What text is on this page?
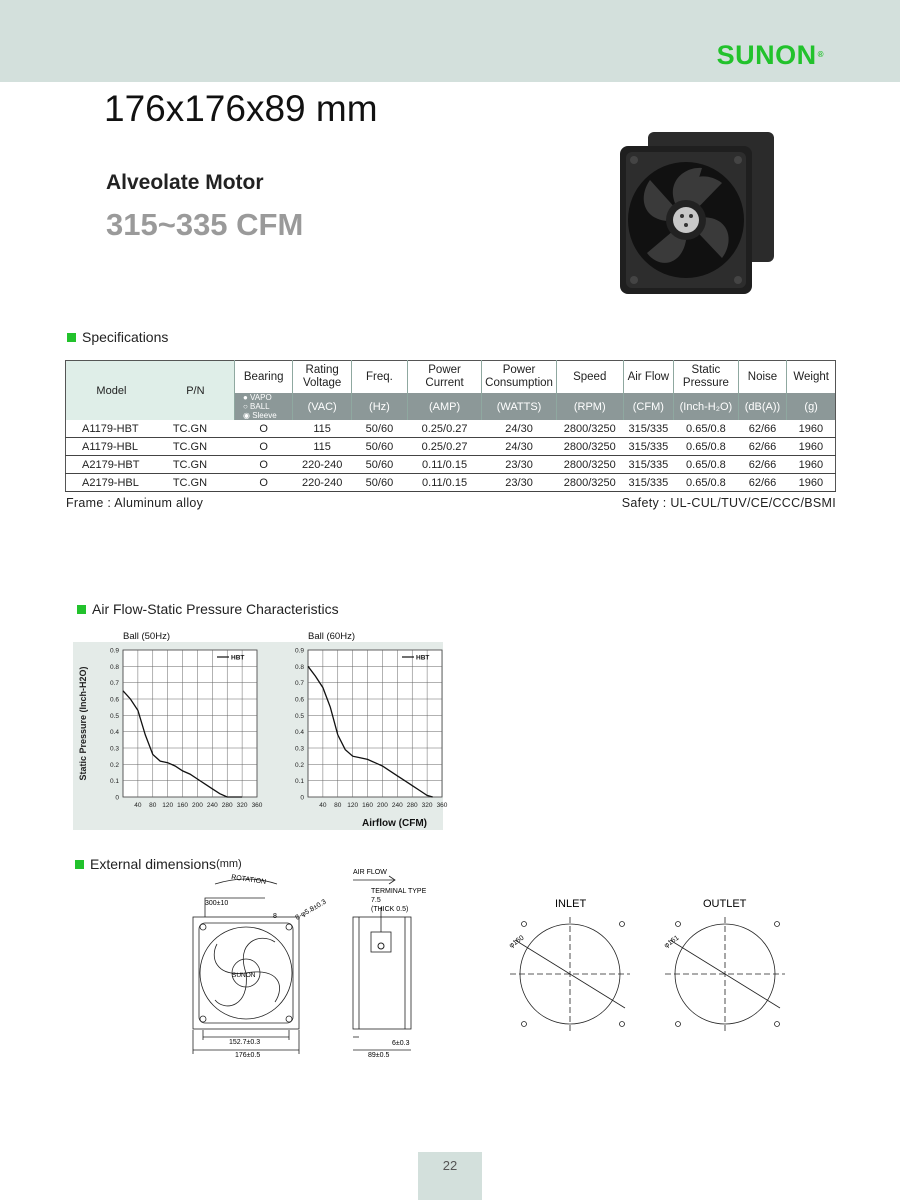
SUNON®
176x176x89 mm
Alveolate Motor
315~335 CFM
Specifications
Model	P/N	Bearing	Rating Voltage	Freq.	Power Current	Power Consumption	Speed	Air Flow	Static Pressure	Noise	Weight

		● VAPO
○ BALL
◉ Sleeve	(VAC)	(Hz)	(AMP)	(WATTS)	(RPM)	(CFM)	(Inch-H₂O)	(dB(A))	(g)
A1179-HBT	TC.GN	O	115	50/60	0.25/0.27	24/30	2800/3250	315/335	0.65/0.8	62/66	1960
A1179-HBL	TC.GN	O	115	50/60	0.25/0.27	24/30	2800/3250	315/335	0.65/0.8	62/66	1960
A2179-HBT	TC.GN	O	220-240	50/60	0.11/0.15	23/30	2800/3250	315/335	0.65/0.8	62/66	1960
A2179-HBL	TC.GN	O	220-240	50/60	0.11/0.15	23/30	2800/3250	315/335	0.65/0.8	62/66	1960
Frame : Aluminum alloy	Safety : UL-CUL/TUV/CE/CCC/BSMI
Air Flow-Static Pressure Characteristics
40 80 120 160 200 240 280 320 360
0
0.1
0.2
0.3
0.4
0.5
0.6
0.7
0.8
0.9
Ball (50Hz)
HBT
Static Pressure (Inch-H2O)
40 80 120 160 200 240 280 320 360
0
0.1
0.2
0.3
0.4
0.5
0.6
0.7
0.8
0.9
Ball (60Hz)
HBT
Airflow (CFM)
External dimensions (mm)
ROTATION
300±10
8	8-φ5.8±0.3
SUNON
152.7±0.3
176±0.5
AIR FLOW
TERMINAL TYPE
7.5
(THICK 0.5)
6±0.3
89±0.5
INLET
φ160
OUTLET
φ161
22
